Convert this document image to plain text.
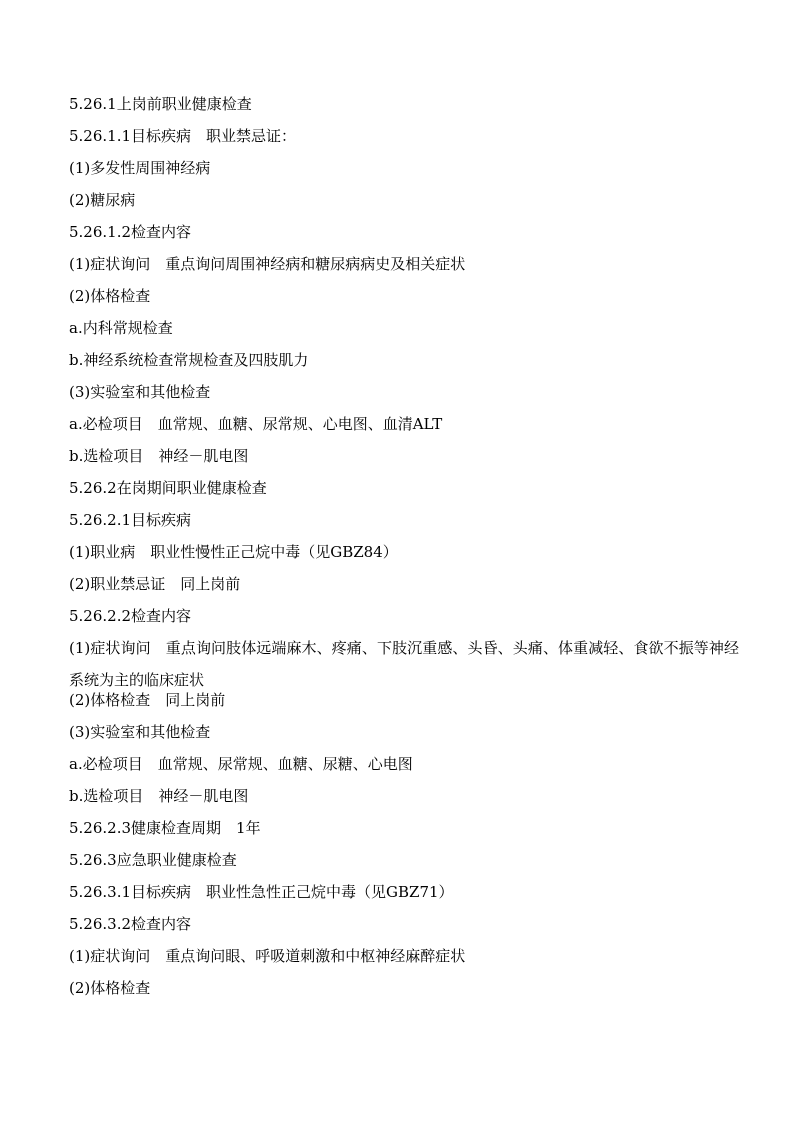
5.26.1上岗前职业健康检查
5.26.1.1目标疾病　职业禁忌证：
(1)多发性周围神经病
(2)糖尿病
5.26.1.2检查内容
(1)症状询问　重点询问周围神经病和糖尿病病史及相关症状
(2)体格检查
a.内科常规检查
b.神经系统检查常规检查及四肢肌力
(3)实验室和其他检查
a.必检项目　血常规、血糖、尿常规、心电图、血清ALT
b.选检项目　神经－肌电图
5.26.2在岗期间职业健康检查
5.26.2.1目标疾病
(1)职业病　职业性慢性正己烷中毒（见GBZ84）
(2)职业禁忌证　同上岗前
5.26.2.2检查内容
(1)症状询问　重点询问肢体远端麻木、疼痛、下肢沉重感、头昏、头痛、体重减轻、食欲不振等神经系统为主的临床症状
(2)体格检查　同上岗前
(3)实验室和其他检查
a.必检项目　血常规、尿常规、血糖、尿糖、心电图
b.选检项目　神经－肌电图
5.26.2.3健康检查周期　1年
5.26.3应急职业健康检查
5.26.3.1目标疾病　职业性急性正己烷中毒（见GBZ71）
5.26.3.2检查内容
(1)症状询问　重点询问眼、呼吸道刺激和中枢神经麻醉症状
(2)体格检查
